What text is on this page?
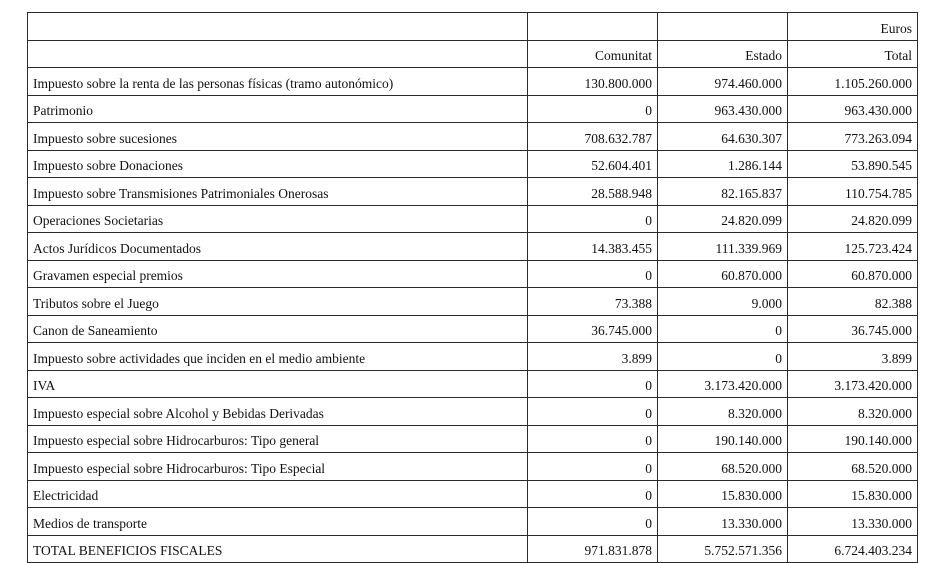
			Euros
	Comunitat	Estado	Total
Impuesto sobre la renta de las personas físicas (tramo autonómico)	130.800.000	974.460.000	1.105.260.000
Patrimonio	0	963.430.000	963.430.000
Impuesto sobre sucesiones	708.632.787	64.630.307	773.263.094
Impuesto sobre Donaciones	52.604.401	1.286.144	53.890.545
Impuesto sobre Transmisiones Patrimoniales Onerosas	28.588.948	82.165.837	110.754.785
Operaciones Societarias	0	24.820.099	24.820.099
Actos Jurídicos Documentados	14.383.455	111.339.969	125.723.424
Gravamen especial premios	0	60.870.000	60.870.000
Tributos sobre el Juego	73.388	9.000	82.388
Canon de Saneamiento	36.745.000	0	36.745.000
Impuesto sobre actividades que inciden en el medio ambiente	3.899	0	3.899
IVA	0	3.173.420.000	3.173.420.000
Impuesto especial sobre Alcohol y Bebidas Derivadas	0	8.320.000	8.320.000
Impuesto especial sobre Hidrocarburos: Tipo general	0	190.140.000	190.140.000
Impuesto especial sobre Hidrocarburos: Tipo Especial	0	68.520.000	68.520.000
Electricidad	0	15.830.000	15.830.000
Medios de transporte	0	13.330.000	13.330.000
TOTAL BENEFICIOS FISCALES	971.831.878	5.752.571.356	6.724.403.234
